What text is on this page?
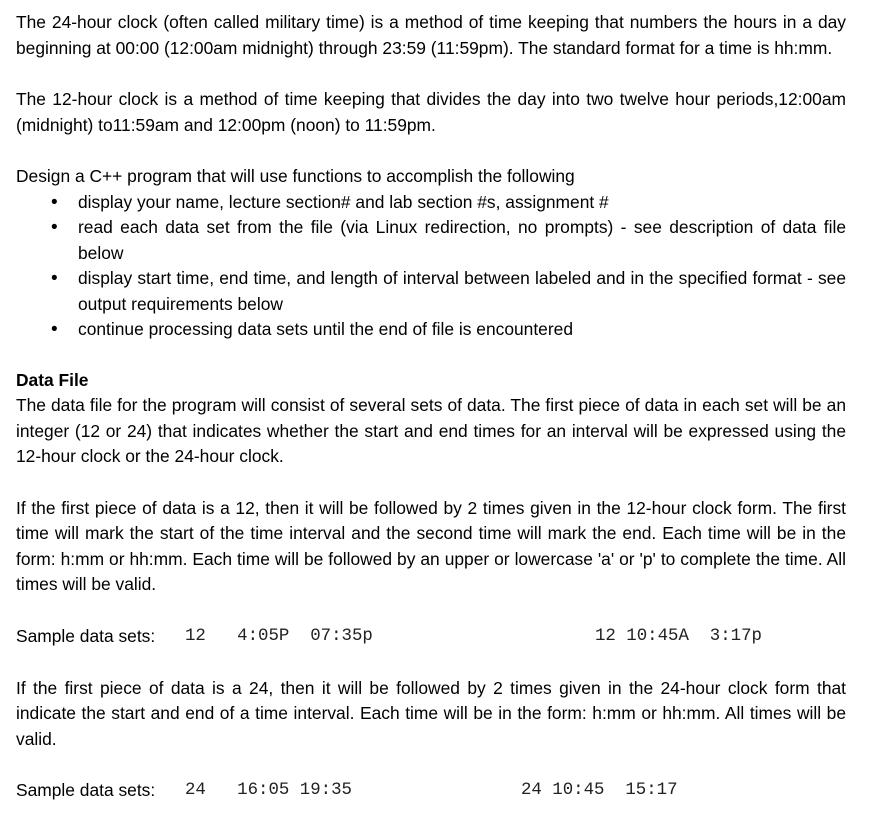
The 24-hour clock (often called military time) is a method of time keeping that numbers the hours in a day beginning at 00:00 (12:00am midnight) through 23:59 (11:59pm). The standard format for a time is hh:mm.

The 12-hour clock is a method of time keeping that divides the day into two twelve hour periods,12:00am (midnight) to11:59am and 12:00pm (noon) to 11:59pm.

Design a C++ program that will use functions to accomplish the following

• display your name, lecture section# and lab section #s, assignment #
• read each data set from the file (via Linux redirection, no prompts) - see description of data file below
• display start time, end time, and length of interval between labeled and in the specified format - see output requirements below
• continue processing data sets until the end of file is encountered

Data File

The data file for the program will consist of several sets of data. The first piece of data in each set will be an integer (12 or 24) that indicates whether the start and end times for an interval will be expressed using the 12-hour clock or the 24-hour clock.

If the first piece of data is a 12, then it will be followed by 2 times given in the 12-hour clock form. The first time will mark the start of the time interval and the second time will mark the end. Each time will be in the form: h:mm or hh:mm. Each time will be followed by an upper or lowercase 'a' or 'p' to complete the time. All times will be valid.

Sample data sets: 12   4:05P  07:35p	12 10:45A  3:17p

If the first piece of data is a 24, then it will be followed by 2 times given in the 24-hour clock form that indicate the start and end of a time interval. Each time will be in the form: h:mm or hh:mm. All times will be valid.

Sample data sets: 24   16:05 19:35	24 10:45  15:17
